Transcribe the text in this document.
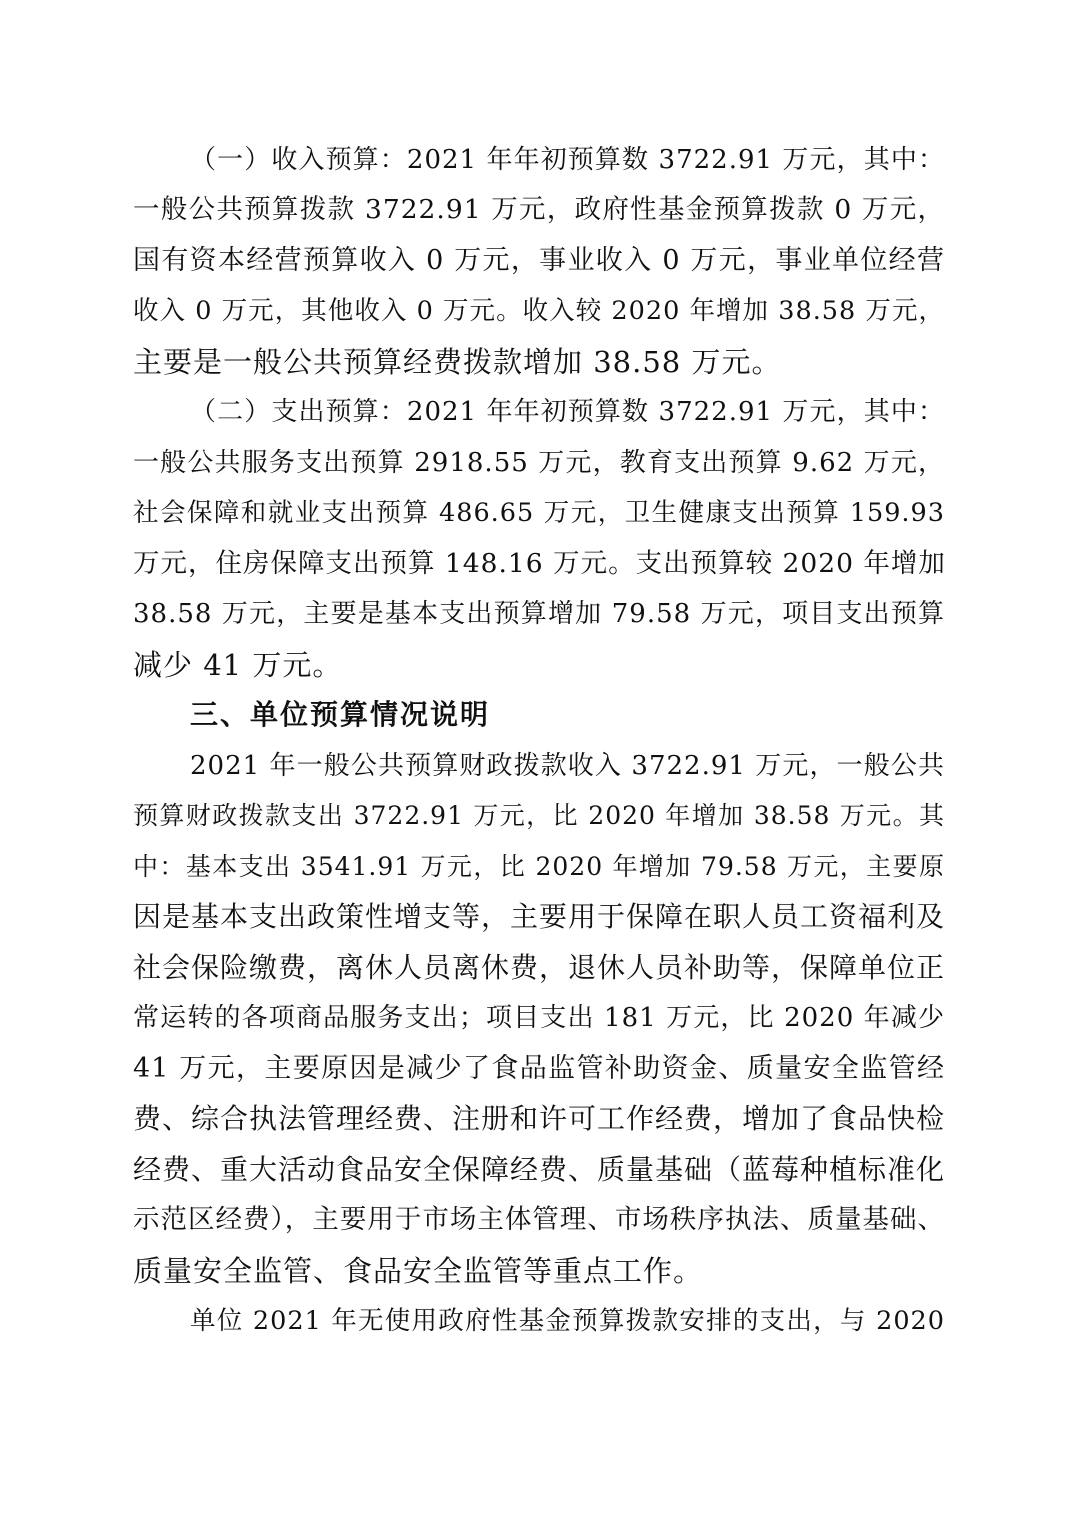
（一）收入预算：2021 年年初预算数 3722.91 万元，其中：
一般公共预算拨款 3722.91 万元，政府性基金预算拨款 0 万元，
国有资本经营预算收入 0 万元，事业收入 0 万元，事业单位经营
收入 0 万元，其他收入 0 万元。收入较 2020 年增加 38.58 万元，
主要是一般公共预算经费拨款增加 38.58 万元。
（二）支出预算：2021 年年初预算数 3722.91 万元，其中：
一般公共服务支出预算 2918.55 万元，教育支出预算 9.62 万元，
社会保障和就业支出预算 486.65 万元，卫生健康支出预算 159.93
万元，住房保障支出预算 148.16 万元。支出预算较 2020 年增加
38.58 万元，主要是基本支出预算增加 79.58 万元，项目支出预算
减少 41 万元。
三、单位预算情况说明
2021 年一般公共预算财政拨款收入 3722.91 万元，一般公共
预算财政拨款支出 3722.91 万元，比 2020 年增加 38.58 万元。其
中：基本支出 3541.91 万元，比 2020 年增加 79.58 万元，主要原
因是基本支出政策性增支等，主要用于保障在职人员工资福利及
社会保险缴费，离休人员离休费，退休人员补助等，保障单位正
常运转的各项商品服务支出；项目支出 181 万元，比 2020 年减少
41 万元，主要原因是减少了食品监管补助资金、质量安全监管经
费、综合执法管理经费、注册和许可工作经费，增加了食品快检
经费、重大活动食品安全保障经费、质量基础（蓝莓种植标准化
示范区经费），主要用于市场主体管理、市场秩序执法、质量基础、
质量安全监管、食品安全监管等重点工作。
单位 2021 年无使用政府性基金预算拨款安排的支出，与 2020
